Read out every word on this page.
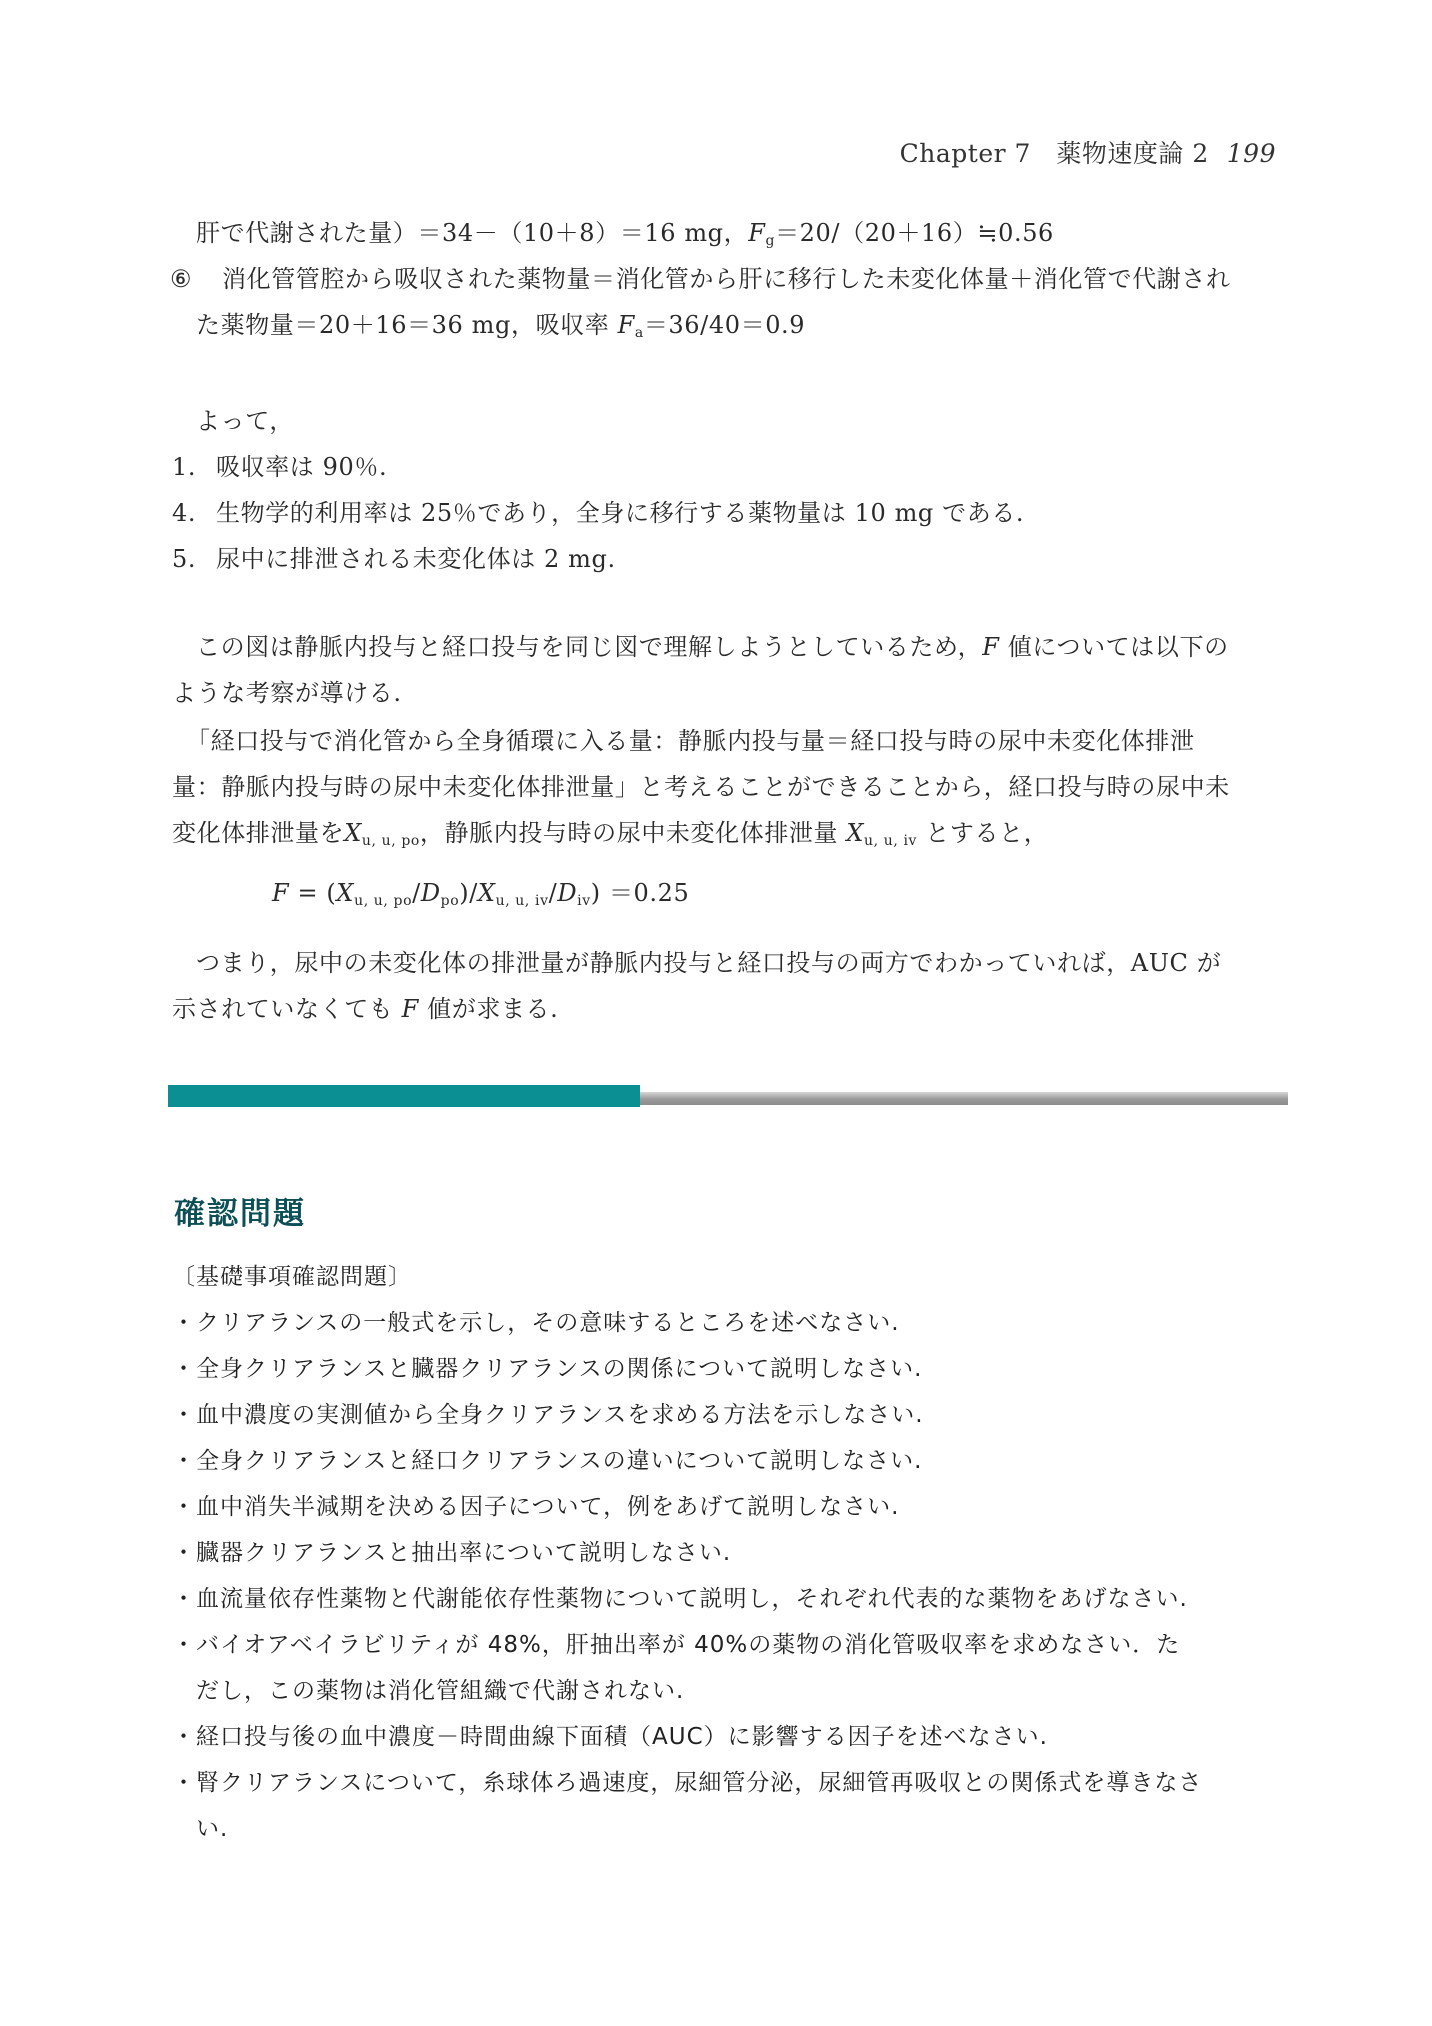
Chapter 7　薬物速度論 2 199
肝で代謝された量）＝34－（10＋8）＝16 mg，$F_g=20/(20+16)≒0.56$
⑥ 消化管管腔から吸収された薬物量＝消化管から肝に移行した未変化体量＋消化管で代謝され
た薬物量＝20＋16＝36 mg，吸収率 $F_a=36/40=0.9$
よって，
1. 吸収率は 90％.
4. 生物学的利用率は 25％であり，全身に移行する薬物量は 10 mg である.
5. 尿中に排泄される未変化体は 2 mg.
この図は静脈内投与と経口投与を同じ図で理解しようとしているため，F 値については以下の
ような考察が導ける.
「経口投与で消化管から全身循環に入る量：静脈内投与量＝経口投与時の尿中未変化体排泄
量：静脈内投与時の尿中未変化体排泄量」と考えることができることから，経口投与時の尿中未
変化体排泄量を$X_{u, u, po}$，静脈内投与時の尿中未変化体排泄量 $X_{u, u, iv}$ とすると，
$F = (X_{u, u, po}/D_{po})/X_{u, u, iv}/D_{iv}) =0.25$
つまり，尿中の未変化体の排泄量が静脈内投与と経口投与の両方でわかっていれば，AUC が
示されていなくても F 値が求まる.
確認問題
〔基礎事項確認問題〕
・クリアランスの一般式を示し，その意味するところを述べなさい.
・全身クリアランスと臓器クリアランスの関係について説明しなさい.
・血中濃度の実測値から全身クリアランスを求める方法を示しなさい.
・全身クリアランスと経口クリアランスの違いについて説明しなさい.
・血中消失半減期を決める因子について，例をあげて説明しなさい.
・臓器クリアランスと抽出率について説明しなさい.
・血流量依存性薬物と代謝能依存性薬物について説明し，それぞれ代表的な薬物をあげなさい.
・バイオアベイラビリティが 48%，肝抽出率が 40%の薬物の消化管吸収率を求めなさい．た
　だし，この薬物は消化管組織で代謝されない.
・経口投与後の血中濃度－時間曲線下面積（AUC）に影響する因子を述べなさい.
・腎クリアランスについて，糸球体ろ過速度，尿細管分泌，尿細管再吸収との関係式を導きなさ
　い.
